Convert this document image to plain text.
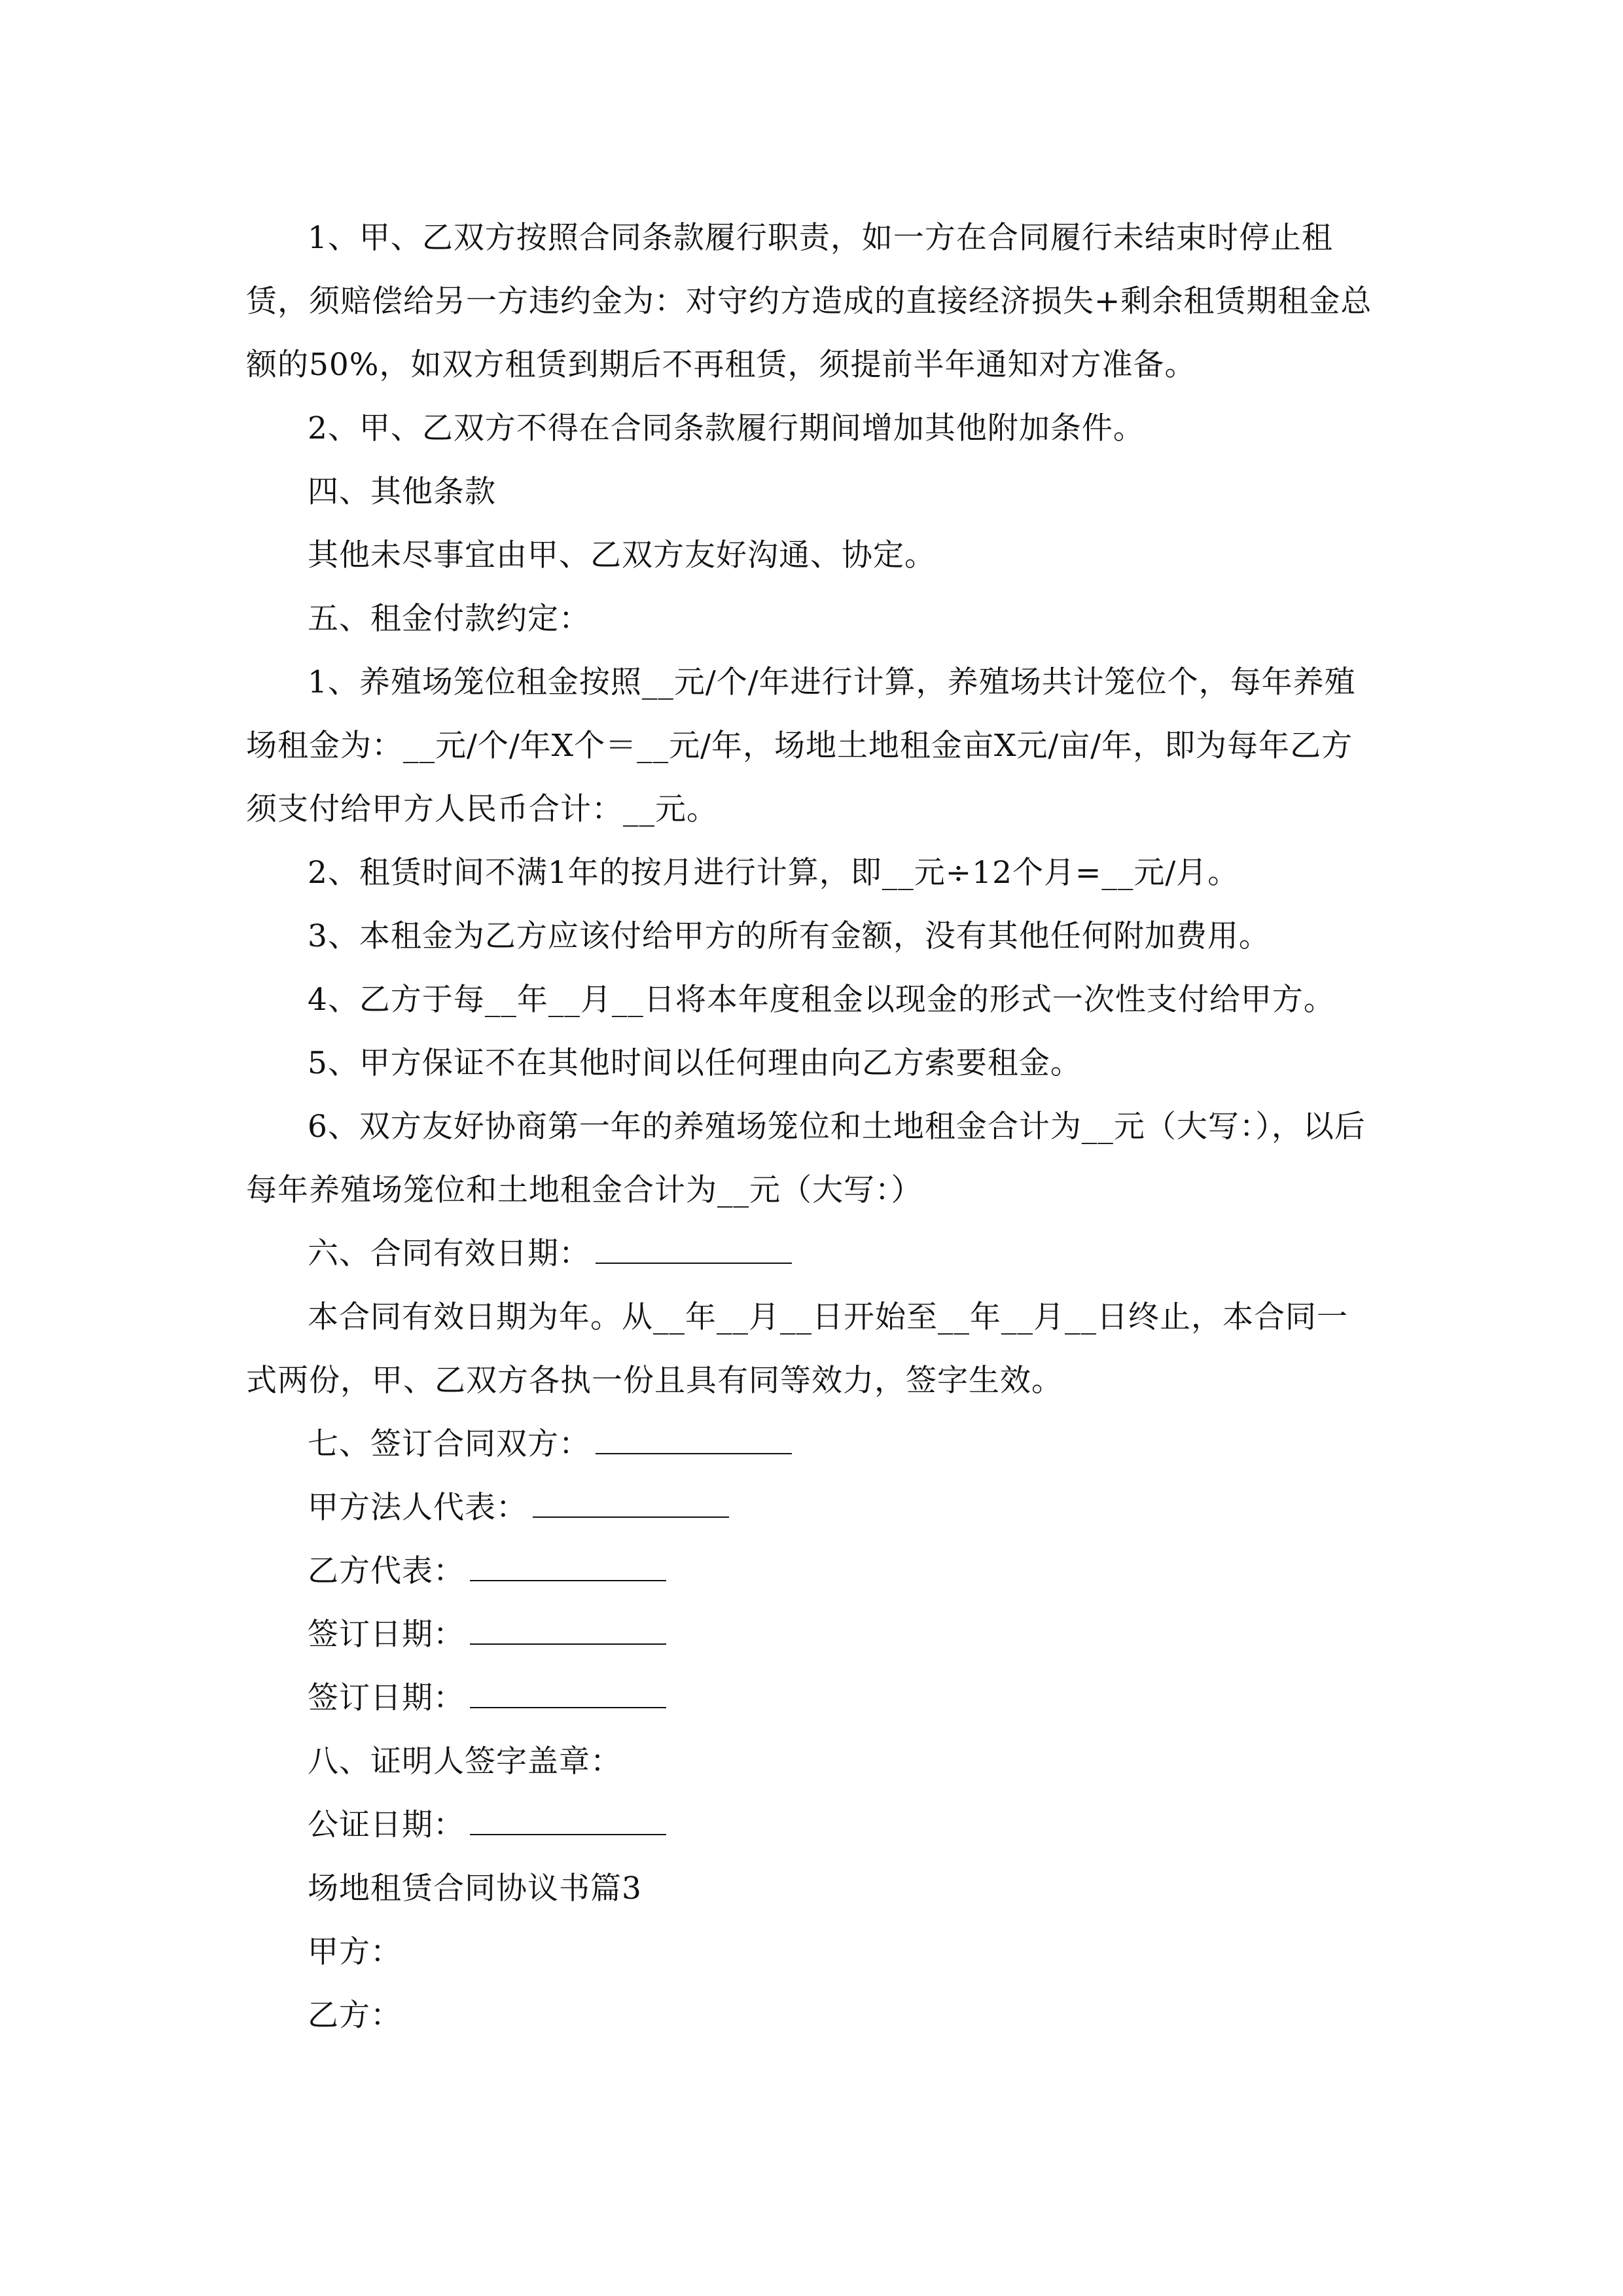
1、甲、乙双方按照合同条款履行职责，如一方在合同履行未结束时停止租赁，须赔偿给另一方违约金为：对守约方造成的直接经济损失+剩余租赁期租金总额的50%，如双方租赁到期后不再租赁，须提前半年通知对方准备。

2、甲、乙双方不得在合同条款履行期间增加其他附加条件。

四、其他条款

其他未尽事宜由甲、乙双方友好沟通、协定。

五、租金付款约定：

1、养殖场笼位租金按照__元/个/年进行计算，养殖场共计笼位个，每年养殖场租金为：__元/个/年X个＝__元/年，场地土地租金亩X元/亩/年，即为每年乙方须支付给甲方人民币合计：__元。

2、租赁时间不满1年的按月进行计算，即__元÷12个月=__元/月。

3、本租金为乙方应该付给甲方的所有金额，没有其他任何附加费用。

4、乙方于每__年__月__日将本年度租金以现金的形式一次性支付给甲方。

5、甲方保证不在其他时间以任何理由向乙方索要租金。

6、双方友好协商第一年的养殖场笼位和土地租金合计为__元（大写：），以后每年养殖场笼位和土地租金合计为__元（大写：）

六、合同有效日期：

本合同有效日期为年。从__年__月__日开始至__年__月__日终止，本合同一式两份，甲、乙双方各执一份且具有同等效力，签字生效。

七、签订合同双方：

甲方法人代表：

乙方代表：

签订日期：

签订日期：

八、证明人签字盖章：

公证日期：

场地租赁合同协议书篇3

甲方：

乙方：
